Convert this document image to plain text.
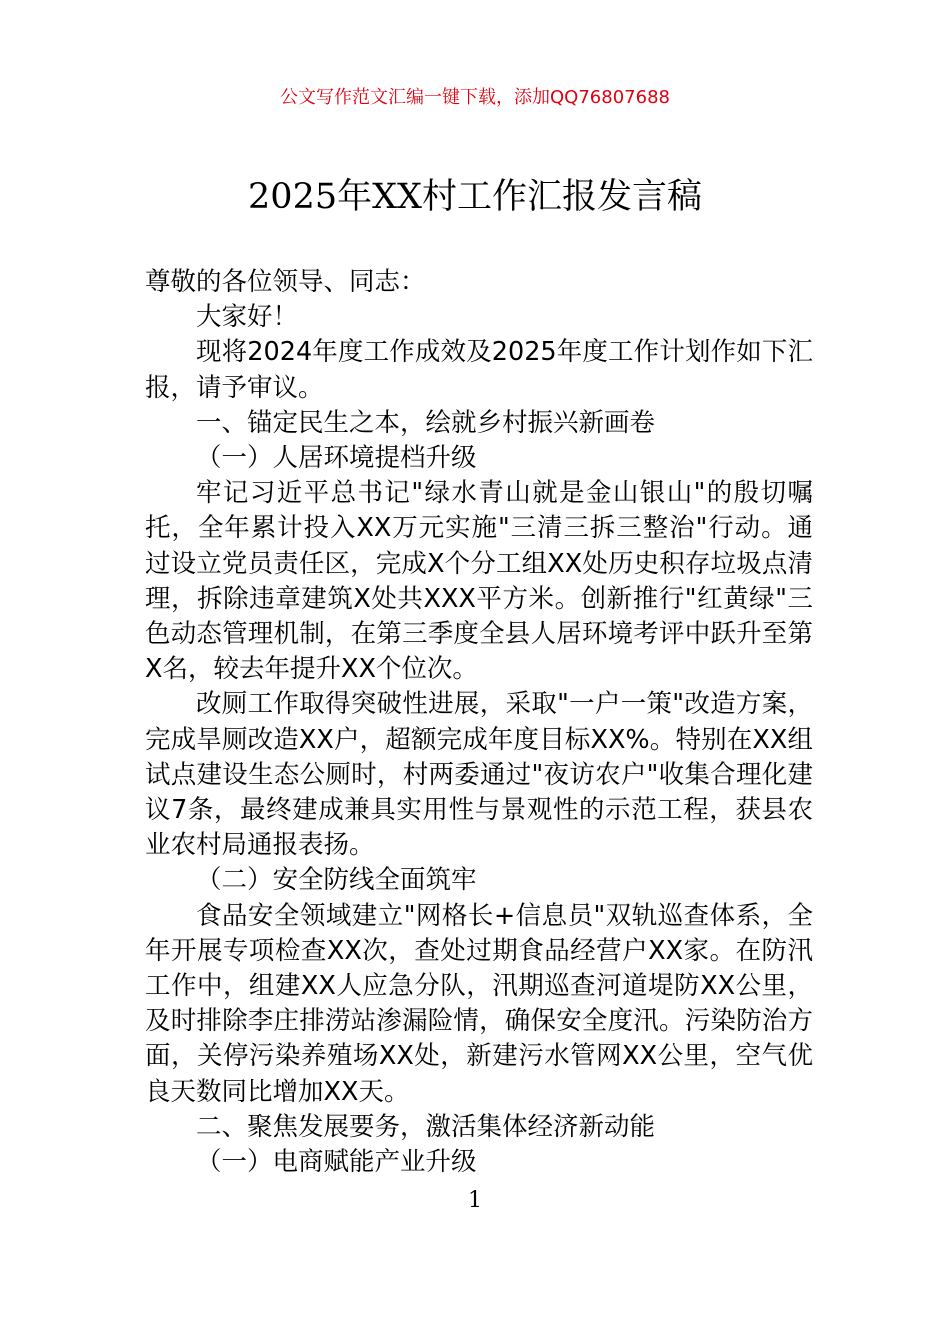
公文写作范文汇编一键下载，添加QQ76807688
2025年XX村工作汇报发言稿

尊敬的各位领导、同志：

大家好！

现将2024年度工作成效及2025年度工作计划作如下汇报，请予审议。

一、锚定民生之本，绘就乡村振兴新画卷

（一）人居环境提档升级

牢记习近平总书记"绿水青山就是金山银山"的殷切嘱托，全年累计投入XX万元实施"三清三拆三整治"行动。通过设立党员责任区，完成X个分工组XX处历史积存垃圾点清理，拆除违章建筑X处共XXX平方米。创新推行"红黄绿"三色动态管理机制，在第三季度全县人居环境考评中跃升至第X名，较去年提升XX个位次。

改厕工作取得突破性进展，采取"一户一策"改造方案，完成旱厕改造XX户，超额完成年度目标XX%。特别在XX组试点建设生态公厕时，村两委通过"夜访农户"收集合理化建议7条，最终建成兼具实用性与景观性的示范工程，获县农业农村局通报表扬。

（二）安全防线全面筑牢

食品安全领域建立"网格长+信息员"双轨巡查体系，全年开展专项检查XX次，查处过期食品经营户XX家。在防汛工作中，组建XX人应急分队，汛期巡查河道堤防XX公里，及时排除李庄排涝站渗漏险情，确保安全度汛。污染防治方面，关停污染养殖场XX处，新建污水管网XX公里，空气优良天数同比增加XX天。

二、聚焦发展要务，激活集体经济新动能

（一）电商赋能产业升级

1
